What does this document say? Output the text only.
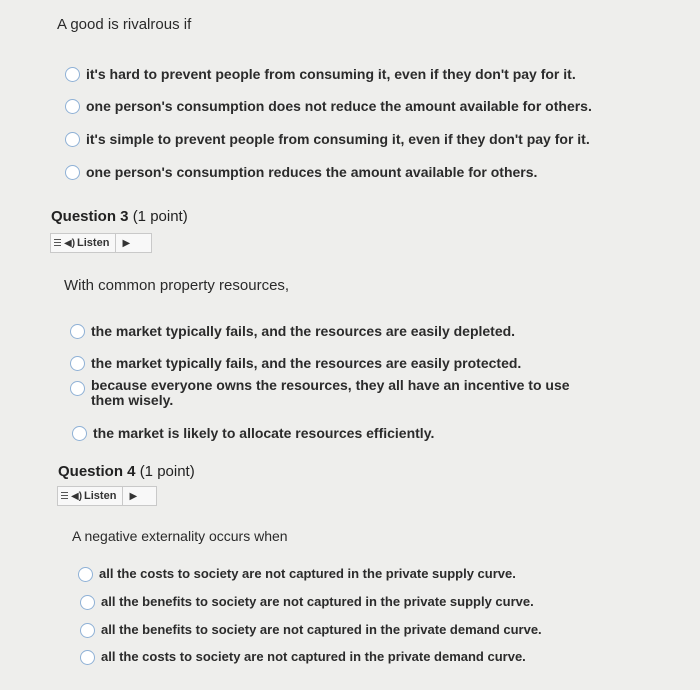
A good is rivalrous if
it's hard to prevent people from consuming it, even if they don't pay for it.
one person's consumption does not reduce the amount available for others.
it's simple to prevent people from consuming it, even if they don't pay for it.
one person's consumption reduces the amount available for others.
Question 3 (1 point)
◀) Listen ▶
With common property resources,
the market typically fails, and the resources are easily depleted.
the market typically fails, and the resources are easily protected.
because everyone owns the resources, they all have an incentive to use them wisely.
the market is likely to allocate resources efficiently.
Question 4 (1 point)
◀) Listen ▶
A negative externality occurs when
all the costs to society are not captured in the private supply curve.
all the benefits to society are not captured in the private supply curve.
all the benefits to society are not captured in the private demand curve.
all the costs to society are not captured in the private demand curve.
